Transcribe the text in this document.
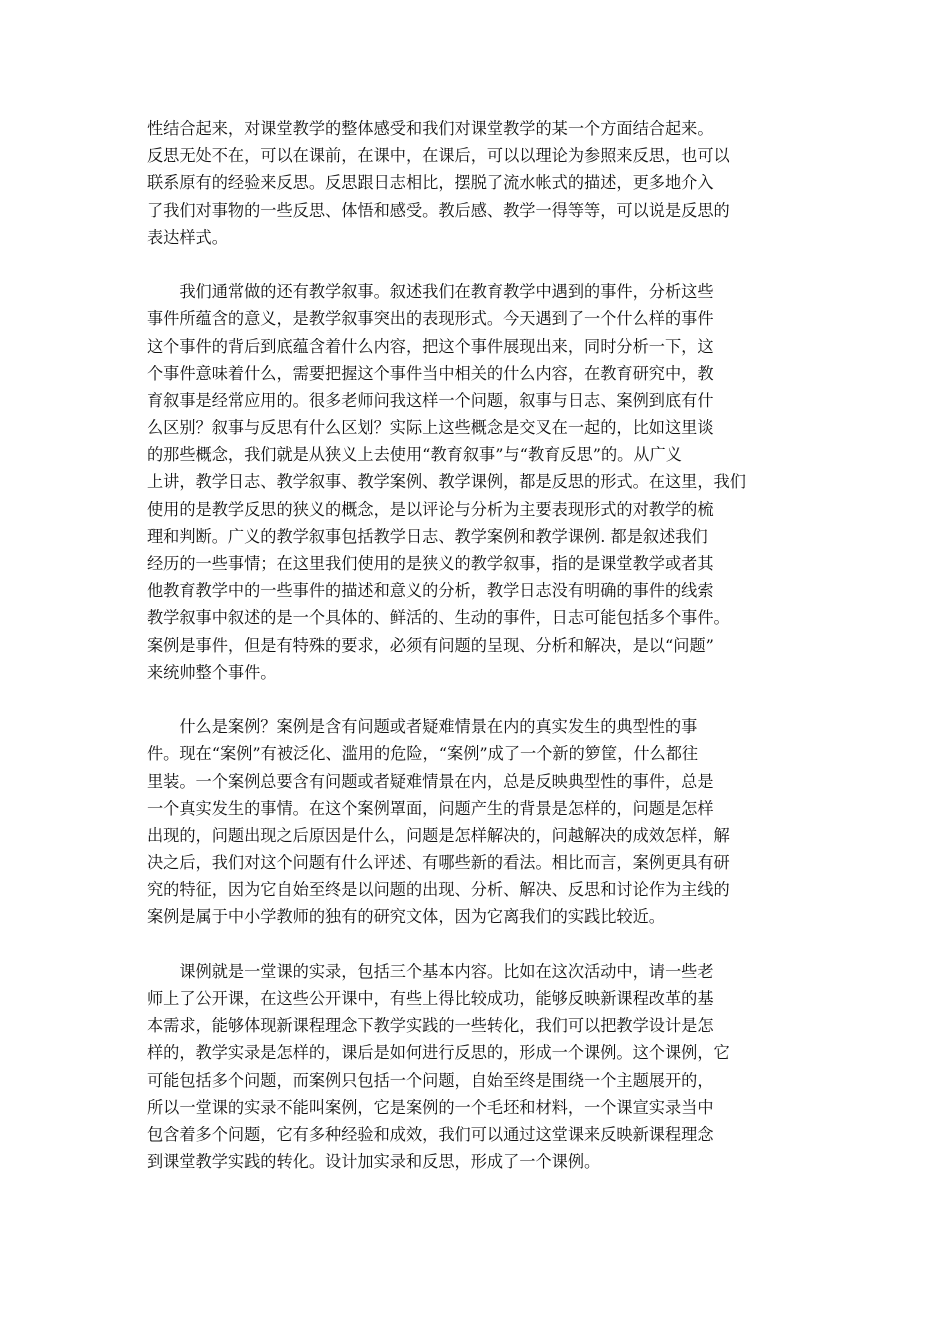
性结合起来，对课堂教学的整体感受和我们对课堂教学的某一个方面结合起来。
反思无处不在，可以在课前，在课中，在课后，可以以理论为参照来反思，也可以
联系原有的经验来反思。反思跟日志相比，摆脱了流水帐式的描述，更多地介入
了我们对事物的一些反思、体悟和感受。教后感、教学一得等等，可以说是反思的
表达样式。
　　我们通常做的还有教学叙事。叙述我们在教育教学中遇到的事件，分析这些
事件所蕴含的意义，是教学叙事突出的表现形式。今天遇到了一个什么样的事件
这个事件的背后到底蕴含着什么内容，把这个事件展现出来，同时分析一下，这
个事件意味着什么，需要把握这个事件当中相关的什么内容，在教育研究中，教
育叙事是经常应用的。很多老师问我这样一个问题，叙事与日志、案例到底有什
么区别？叙事与反思有什么区划？实际上这些概念是交叉在一起的，比如这里谈
的那些概念，我们就是从狭义上去使用“教育叙事”与“教育反思”的。从广义
上讲，教学日志、教学叙事、教学案例、教学课例，都是反思的形式。在这里，我们
使用的是教学反思的狭义的概念，是以评论与分析为主要表现形式的对教学的梳
理和判断。广义的教学叙事包括教学日志、教学案例和教学课例. 都是叙述我们
经历的一些事情；在这里我们使用的是狭义的教学叙事，指的是课堂教学或者其
他教育教学中的一些事件的描述和意义的分析，教学日志没有明确的事件的线索
教学叙事中叙述的是一个具体的、鲜活的、生动的事件，日志可能包括多个事件。
案例是事件，但是有特殊的要求，必须有问题的呈现、分析和解决，是以“问题”
来统帅整个事件。
　　什么是案例？案例是含有问题或者疑难情景在内的真实发生的典型性的事
件。现在“案例”有被泛化、滥用的危险，“案例”成了一个新的箩筐，什么都往
里装。一个案例总要含有问题或者疑难情景在内，总是反映典型性的事件，总是
一个真实发生的事情。在这个案例罩面，问题产生的背景是怎样的，问题是怎样
出现的，问题出现之后原因是什么，问题是怎样解决的，问越解决的成效怎样，解
决之后，我们对这个问题有什么评述、有哪些新的看法。相比而言，案例更具有研
究的特征，因为它自始至终是以问题的出现、分析、解决、反思和讨论作为主线的
案例是属于中小学教师的独有的研究文体，因为它离我们的实践比较近。
　　课例就是一堂课的实录，包括三个基本内容。比如在这次活动中，请一些老
师上了公开课，在这些公开课中，有些上得比较成功，能够反映新课程改革的基
本需求，能够体现新课程理念下教学实践的一些转化，我们可以把教学设计是怎
样的，教学实录是怎样的，课后是如何进行反思的，形成一个课例。这个课例，它
可能包括多个问题，而案例只包括一个问题，自始至终是围绕一个主题展开的，
所以一堂课的实录不能叫案例，它是案例的一个毛坯和材料，一个课宣实录当中
包含着多个问题，它有多种经验和成效，我们可以通过这堂课来反映新课程理念
到课堂教学实践的转化。设计加实录和反思，形成了一个课例。
